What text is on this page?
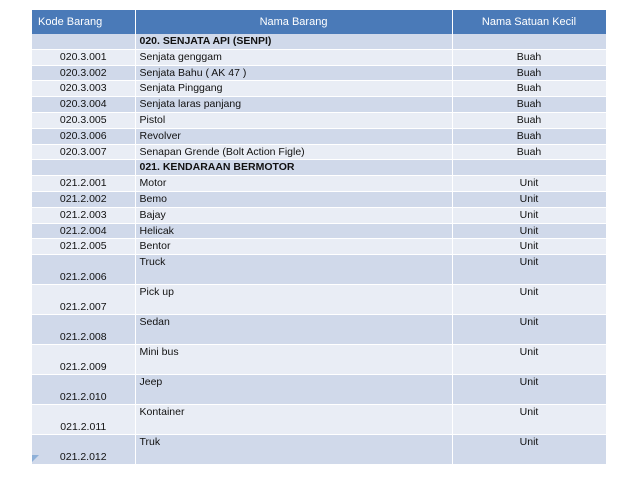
Kode Barang	Nama Barang	Nama Satuan Kecil
	020. SENJATA API (SENPI)	
020.3.001	Senjata genggam	Buah
020.3.002	Senjata Bahu ( AK 47 )	Buah
020.3.003	Senjata Pinggang	Buah
020.3.004	Senjata laras panjang	Buah
020.3.005	Pistol	Buah
020.3.006	Revolver	Buah
020.3.007	Senapan Grende (Bolt Action Figle)	Buah
	021. KENDARAAN BERMOTOR	
021.2.001	Motor	Unit
021.2.002	Bemo	Unit
021.2.003	Bajay	Unit
021.2.004	Helicak	Unit
021.2.005	Bentor	Unit
021.2.006	Truck	Unit
021.2.007	Pick up	Unit
021.2.008	Sedan	Unit
021.2.009	Mini bus	Unit
021.2.010	Jeep	Unit
021.2.011	Kontainer	Unit
021.2.012	Truk	Unit
